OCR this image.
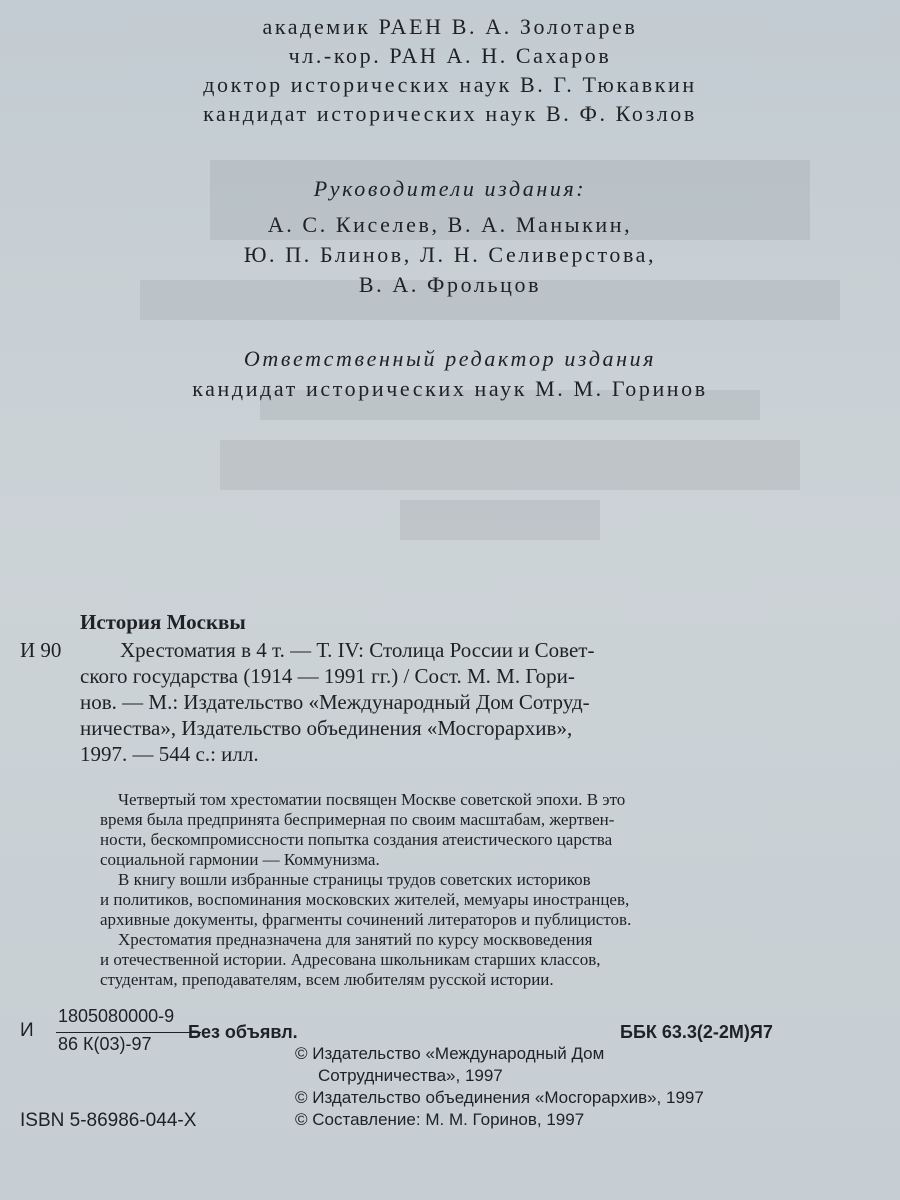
академик РАЕН В. А. Золотарев
чл.-кор. РАН А. Н. Сахаров
доктор исторических наук В. Г. Тюкавкин
кандидат исторических наук В. Ф. Козлов
Руководители издания:
А. С. Киселев, В. А. Маныкин,
Ю. П. Блинов, Л. Н. Селиверстова,
В. А. Фрольцов
Ответственный редактор издания
кандидат исторических наук М. М. Горинов
История Москвы
И 90	Хрестоматия в 4 т. — Т. IV: Столица России и Совет-
ского государства (1914 — 1991 гг.) / Сост. М. М. Гори-
нов. — М.: Издательство «Международный Дом Сотруд-
ничества», Издательство объединения «Мосгорархив»,
1997. — 544 с.: илл.
Четвертый том хрестоматии посвящен Москве советской эпохи. В это
время была предпринята беспримерная по своим масштабам, жертвен-
ности, бескомпромиссности попытка создания атеистического царства
социальной гармонии — Коммунизма.
В книгу вошли избранные страницы трудов советских историков
и политиков, воспоминания московских жителей, мемуары иностранцев,
архивные документы, фрагменты сочинений литераторов и публицистов.
Хрестоматия предназначена для занятий по курсу москвоведения
и отечественной истории. Адресована школьникам старших классов,
студентам, преподавателям, всем любителям русской истории.
И
1805080000-9
86 К(03)-97
Без объявл.	ББК 63.3(2-2М)Я7
ISBN 5-86986-044-X
© Издательство «Международный Дом
Сотрудничества», 1997
© Издательство объединения «Мосгорархив», 1997
© Составление: М. М. Горинов, 1997
